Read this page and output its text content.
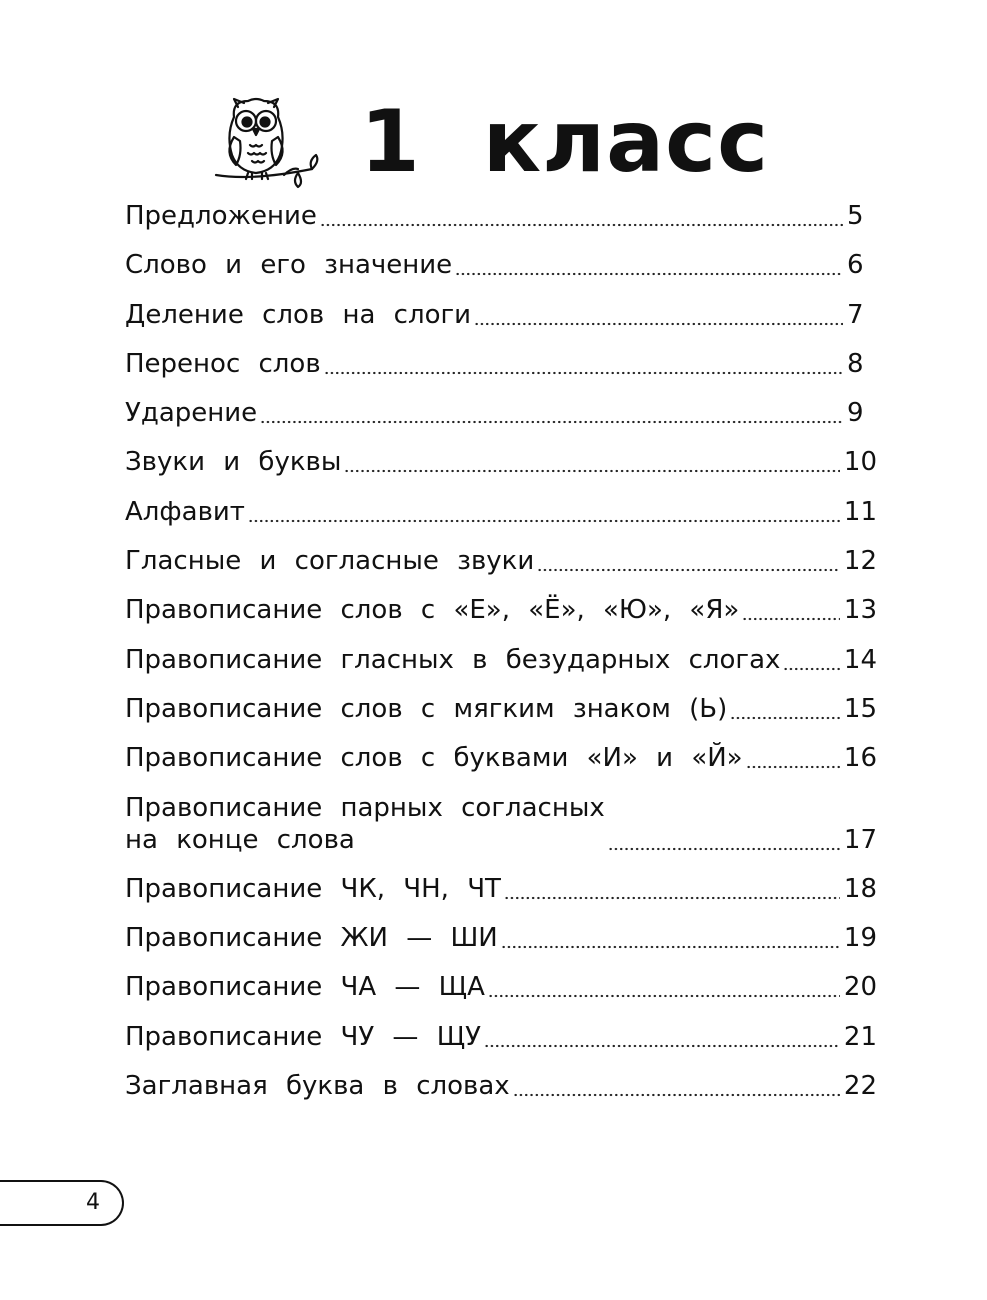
1  класс
Предложение	5
Слово и его значение	6
Деление слов на слоги	7
Перенос слов	8
Ударение	9
Звуки и буквы	10
Алфавит	11
Гласные и согласные звуки	12
Правописание слов с «Е», «Ё», «Ю», «Я»	13
Правописание гласных в безударных слогах 14
Правописание слов с мягким знаком (Ь)	15
Правописание слов с буквами «И» и «Й»	16
Правописание парных согласных
на конце слова	17
Правописание ЧК, ЧН, ЧТ	18
Правописание ЖИ — ШИ	19
Правописание ЧА — ЩА	20
Правописание ЧУ — ЩУ	21
Заглавная буква в словах	22
4
